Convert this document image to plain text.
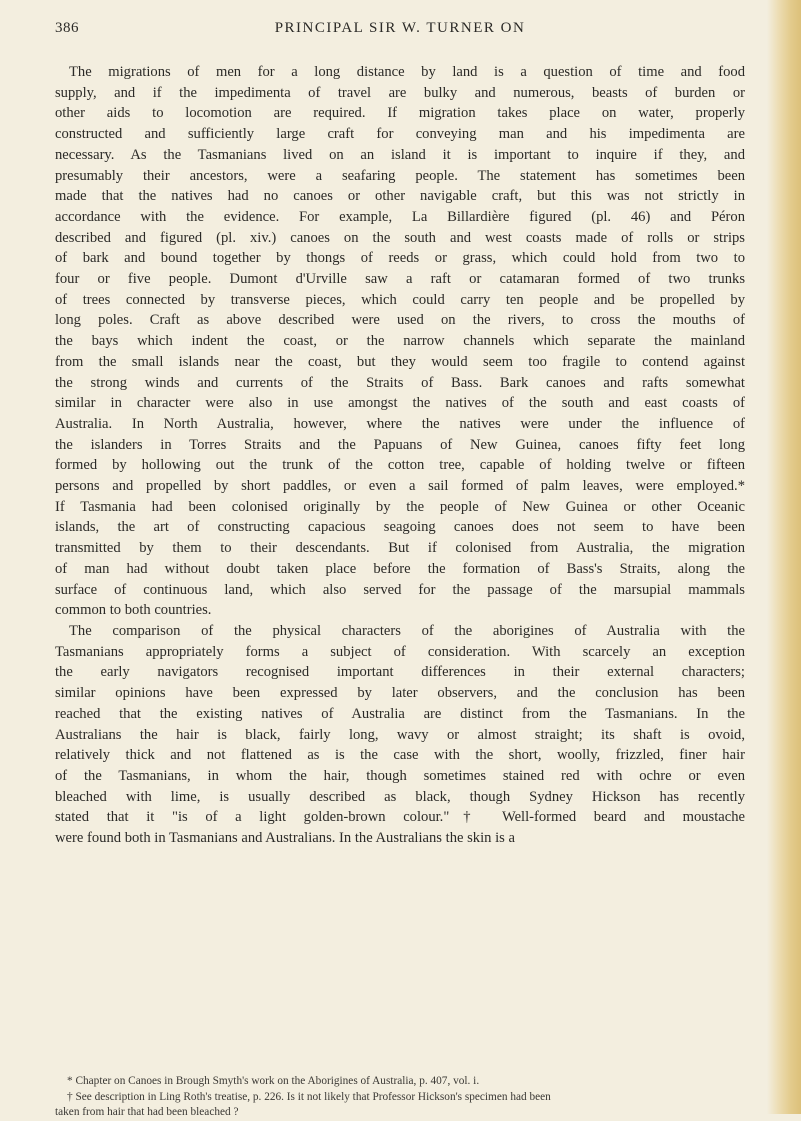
386	PRINCIPAL SIR W. TURNER ON

The migrations of men for a long distance by land is a question of time and food
supply, and if the impedimenta of travel are bulky and numerous, beasts of burden or
other aids to locomotion are required. If migration takes place on water, properly
constructed and sufficiently large craft for conveying man and his impedimenta are
necessary. As the Tasmanians lived on an island it is important to inquire if they, and
presumably their ancestors, were a seafaring people. The statement has sometimes been
made that the natives had no canoes or other navigable craft, but this was not strictly in
accordance with the evidence. For example, La Billardière figured (pl. 46) and Péron
described and figured (pl. xiv.) canoes on the south and west coasts made of rolls or strips
of bark and bound together by thongs of reeds or grass, which could hold from two to
four or five people. Dumont d'Urville saw a raft or catamaran formed of two trunks
of trees connected by transverse pieces, which could carry ten people and be propelled by
long poles. Craft as above described were used on the rivers, to cross the mouths of
the bays which indent the coast, or the narrow channels which separate the mainland
from the small islands near the coast, but they would seem too fragile to contend against
the strong winds and currents of the Straits of Bass. Bark canoes and rafts somewhat
similar in character were also in use amongst the natives of the south and east coasts of
Australia. In North Australia, however, where the natives were under the influence of
the islanders in Torres Straits and the Papuans of New Guinea, canoes fifty feet long
formed by hollowing out the trunk of the cotton tree, capable of holding twelve or fifteen
persons and propelled by short paddles, or even a sail formed of palm leaves, were employed.*
If Tasmania had been colonised originally by the people of New Guinea or other Oceanic
islands, the art of constructing capacious seagoing canoes does not seem to have been
transmitted by them to their descendants. But if colonised from Australia, the migration
of man had without doubt taken place before the formation of Bass's Straits, along the
surface of continuous land, which also served for the passage of the marsupial mammals
common to both countries.

The comparison of the physical characters of the aborigines of Australia with the
Tasmanians appropriately forms a subject of consideration. With scarcely an exception
the early navigators recognised important differences in their external characters;
similar opinions have been expressed by later observers, and the conclusion has been
reached that the existing natives of Australia are distinct from the Tasmanians. In the
Australians the hair is black, fairly long, wavy or almost straight; its shaft is ovoid,
relatively thick and not flattened as is the case with the short, woolly, frizzled, finer hair
of the Tasmanians, in whom the hair, though sometimes stained red with ochre or even
bleached with lime, is usually described as black, though Sydney Hickson has recently
stated that it "is of a light golden-brown colour."† Well-formed beard and moustache
were found both in Tasmanians and Australians. In the Australians the skin is a

* Chapter on Canoes in Brough Smyth's work on the Aborigines of Australia, p. 407, vol. i.
† See description in Ling Roth's treatise, p. 226. Is it not likely that Professor Hickson's specimen had been
taken from hair that had been bleached ?
